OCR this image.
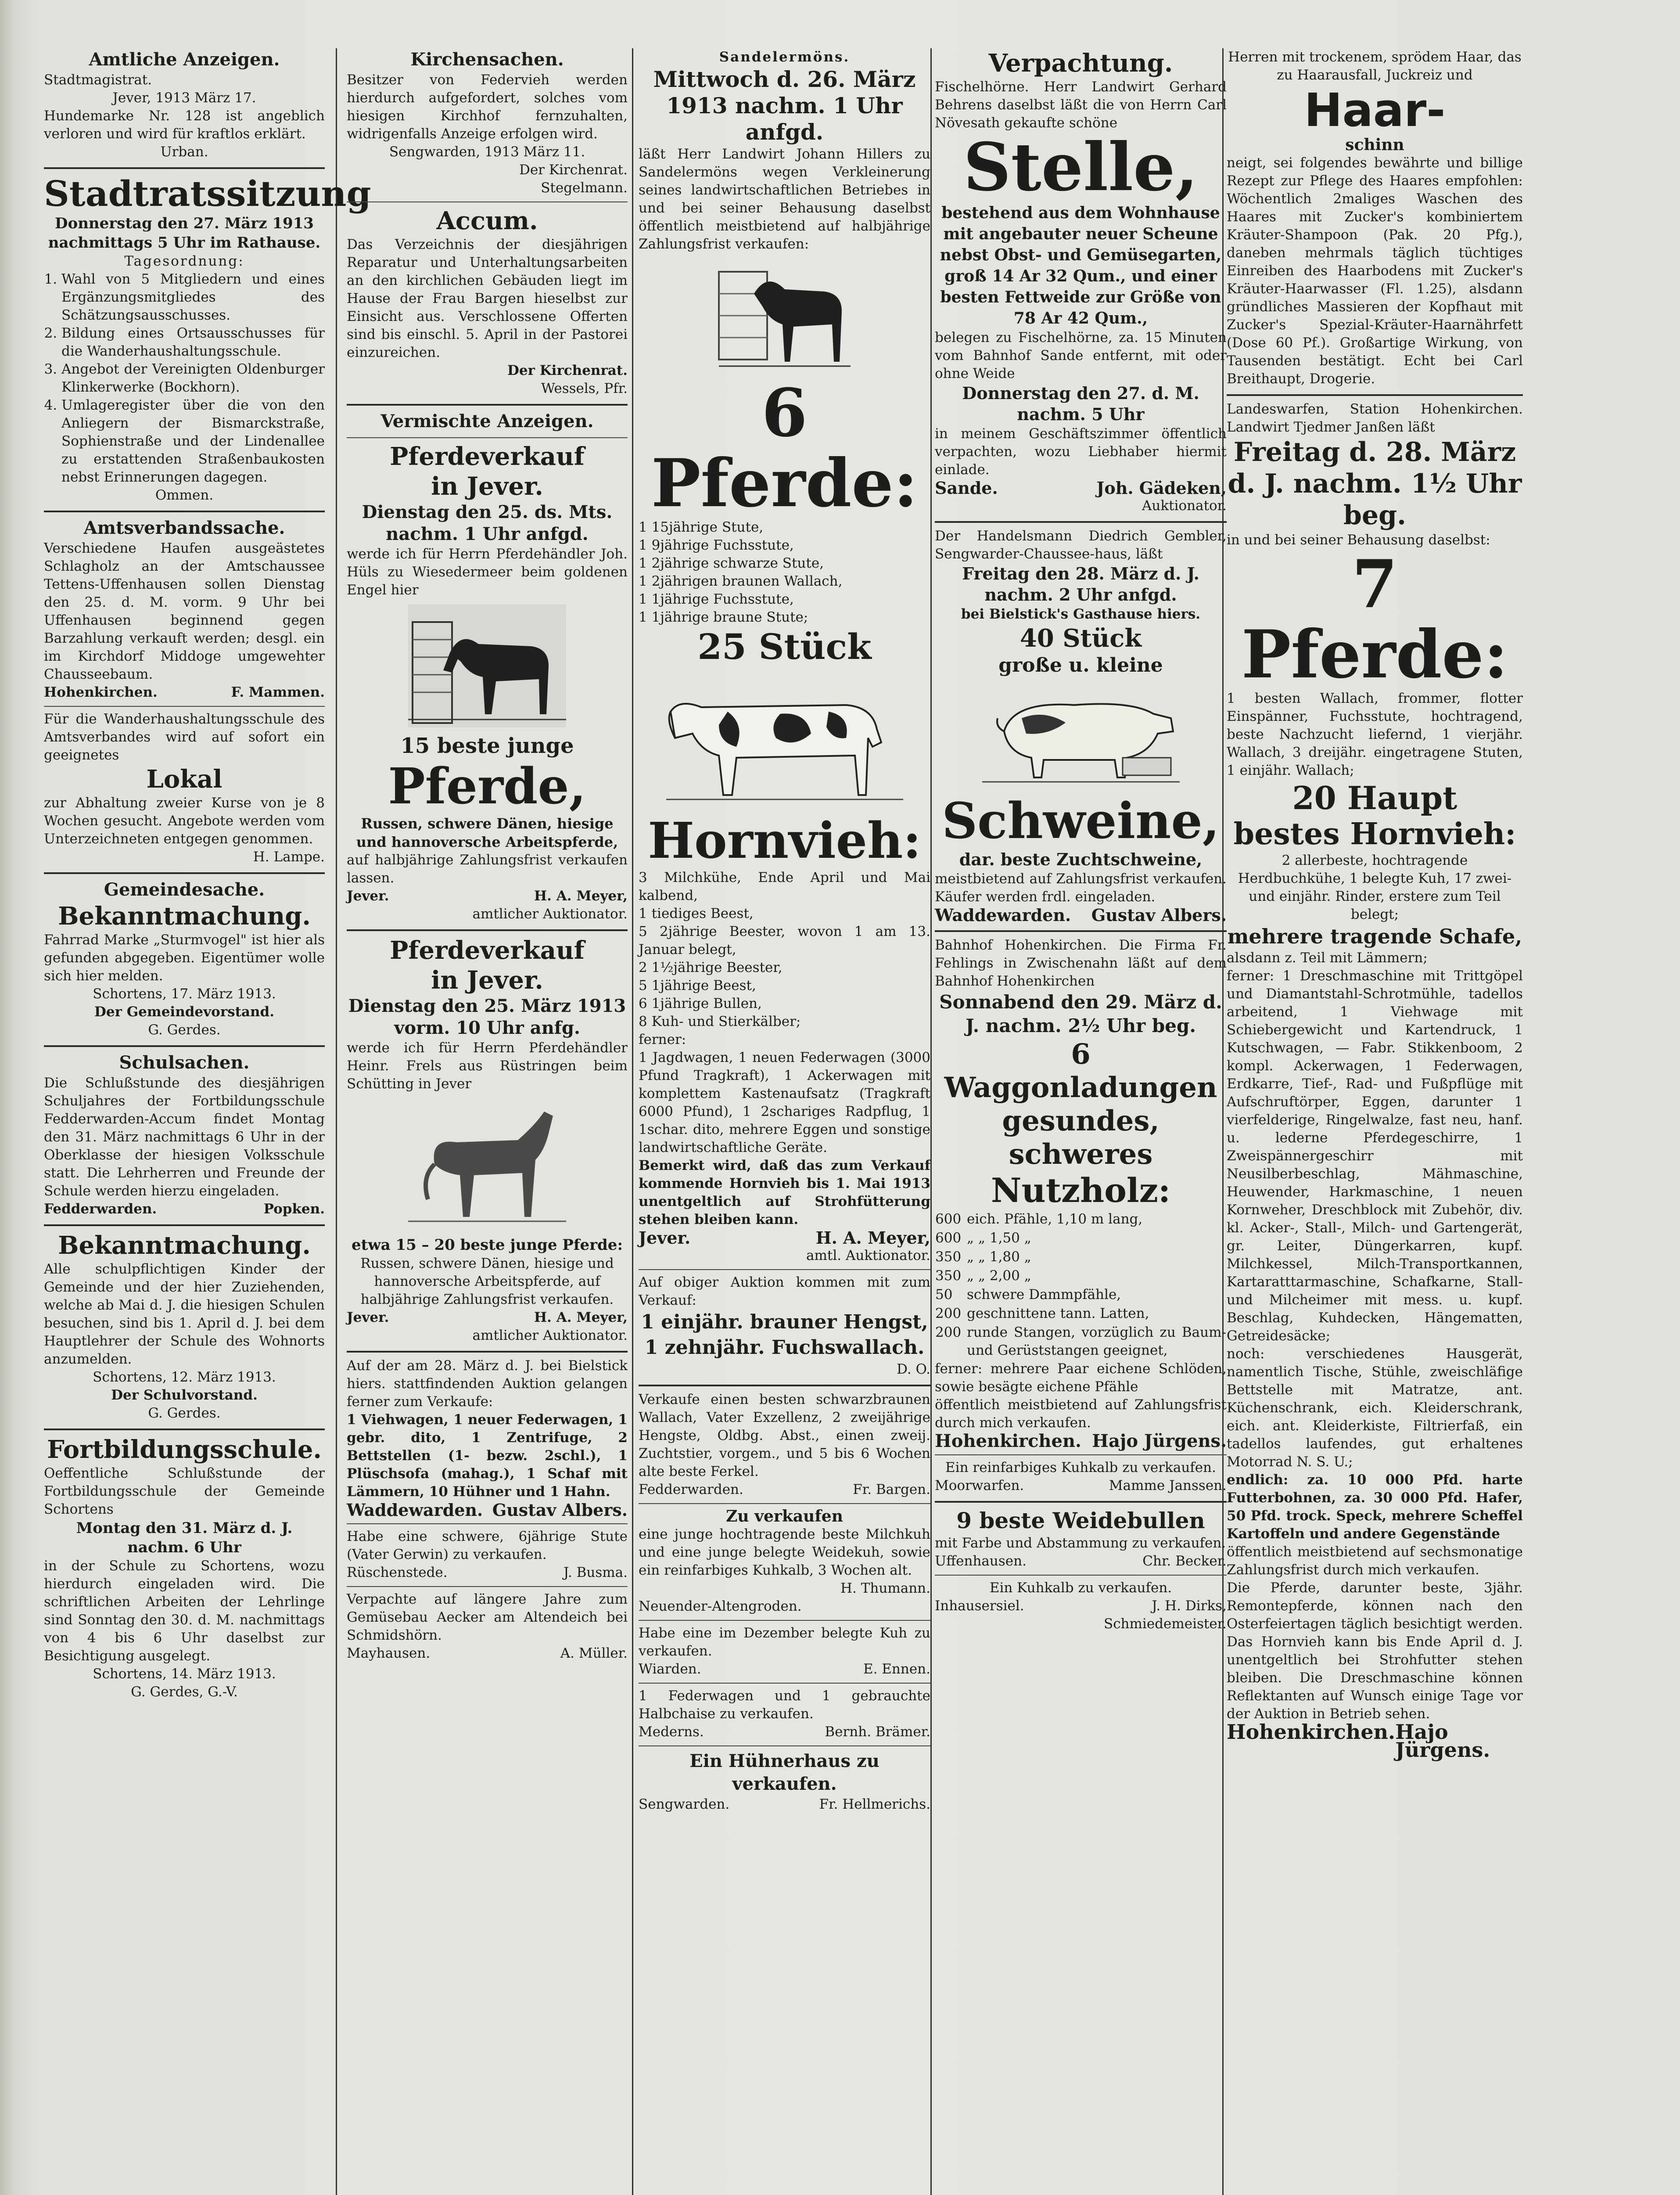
Amtliche Anzeigen.

Stadtmagistrat.

Jever, 1913 März 17.

Hundemarke Nr. 128 ist angeblich verloren und wird für kraftlos erklärt.

Urban.

Stadtratssitzung

Donnerstag den 27. März 1913 nachmittags 5 Uhr im Rathause.

Tagesordnung:

1. Wahl von 5 Mitgliedern und eines Ergänzungsmitgliedes des Schätzungsausschusses.
2. Bildung eines Ortsausschusses für die Wanderhaushaltungsschule.
3. Angebot der Vereinigten Oldenburger Klinkerwerke (Bockhorn).
4. Umlageregister über die von den Anliegern der Bismarckstraße, Sophienstraße und der Lindenallee zu erstattenden Straßenbaukosten nebst Erinnerungen dagegen.

Ommen.

Amtsverbandssache.

Verschiedene Haufen ausgeästetes Schlagholz an der Amtschaussee Tettens-Uffenhausen sollen Dienstag den 25. d. M. vorm. 9 Uhr bei Uffenhausen beginnend gegen Barzahlung verkauft werden; desgl. ein im Kirchdorf Middoge umgewehter Chausseebaum.

Hohenkirchen.	F. Mammen.

Für die Wanderhaushaltungsschule des Amtsverbandes wird auf sofort ein geeignetes

Lokal

zur Abhaltung zweier Kurse von je 8 Wochen gesucht. Angebote werden vom Unterzeichneten entgegen genommen.

H. Lampe.

Gemeindesache.

Bekanntmachung.

Fahrrad Marke „Sturmvogel" ist hier als gefunden abgegeben. Eigentümer wolle sich hier melden.

Schortens, 17. März 1913.

Der Gemeindevorstand.

G. Gerdes.

Schulsachen.

Die Schlußstunde des diesjährigen Schuljahres der Fortbildungsschule Fedderwarden-Accum findet Montag den 31. März nachmittags 6 Uhr in der Oberklasse der hiesigen Volksschule statt. Die Lehrherren und Freunde der Schule werden hierzu eingeladen.

Fedderwarden.	Popken.

Bekanntmachung.

Alle schulpflichtigen Kinder der Gemeinde und der hier Zuziehenden, welche ab Mai d. J. die hiesigen Schulen besuchen, sind bis 1. April d. J. bei dem Hauptlehrer der Schule des Wohnorts anzumelden.

Schortens, 12. März 1913.

Der Schulvorstand.

G. Gerdes.

Fortbildungsschule.

Oeffentliche Schlußstunde der Fortbildungsschule der Gemeinde Schortens

Montag den 31. März d. J. nachm. 6 Uhr

in der Schule zu Schortens, wozu hierdurch eingeladen wird. Die schriftlichen Arbeiten der Lehrlinge sind Sonntag den 30. d. M. nachmittags von 4 bis 6 Uhr daselbst zur Besichtigung ausgelegt.

Schortens, 14. März 1913.

G. Gerdes, G.-V.

Kirchensachen.

Besitzer von Federvieh werden hierdurch aufgefordert, solches vom hiesigen Kirchhof fernzuhalten, widrigenfalls Anzeige erfolgen wird.

Sengwarden, 1913 März 11.

Der Kirchenrat.

Stegelmann.

Accum.

Das Verzeichnis der diesjährigen Reparatur und Unterhaltungsarbeiten an den kirchlichen Gebäuden liegt im Hause der Frau Bargen hieselbst zur Einsicht aus. Verschlossene Offerten sind bis einschl. 5. April in der Pastorei einzureichen.

Der Kirchenrat.

Wessels, Pfr.

Vermischte Anzeigen.

Pferdeverkauf

in Jever.

Dienstag den 25. ds. Mts. nachm. 1 Uhr anfgd.

werde ich für Herrn Pferdehändler Joh. Hüls zu Wiesedermeer beim goldenen Engel hier

15 beste junge

Pferde,

Russen, schwere Dänen, hiesige und hannoversche Arbeitspferde,

auf halbjährige Zahlungsfrist verkaufen lassen.

Jever.	H. A. Meyer,

amtlicher Auktionator.

Pferdeverkauf

in Jever.

Dienstag den 25. März 1913 vorm. 10 Uhr anfg.

werde ich für Herrn Pferdehändler Heinr. Frels aus Rüstringen beim Schütting in Jever

etwa 15 – 20 beste junge Pferde:

Russen, schwere Dänen, hiesige und hannoversche Arbeitspferde, auf halbjährige Zahlungsfrist verkaufen.

Jever.	H. A. Meyer,

amtlicher Auktionator.

Auf der am 28. März d. J. bei Bielstick hiers. stattfindenden Auktion gelangen ferner zum Verkaufe:

1 Viehwagen, 1 neuer Federwagen, 1 gebr. dito, 1 Zentrifuge, 2 Bettstellen (1- bezw. 2schl.), 1 Plüschsofa (mahag.), 1 Schaf mit Lämmern, 10 Hühner und 1 Hahn.

Waddewarden. Gustav Albers.

Habe eine schwere, 6jährige Stute (Vater Gerwin) zu verkaufen.

Rüschenstede.	J. Busma.

Verpachte auf längere Jahre zum Gemüsebau Aecker am Altendeich bei Schmidshörn.

Mayhausen.	A. Müller.

Sandelermöns.

Mittwoch d. 26. März 1913 nachm. 1 Uhr anfgd.

läßt Herr Landwirt Johann Hillers zu Sandelermöns wegen Verkleinerung seines landwirtschaftlichen Betriebes in und bei seiner Behausung daselbst öffentlich meistbietend auf halbjährige Zahlungsfrist verkaufen:

6 Pferde:

1 15jährige Stute,

1 9jährige Fuchsstute,

1 2jährige schwarze Stute,

1 2jährigen braunen Wallach,

1 1jährige Fuchsstute,

1 1jährige braune Stute;

25 Stück

Hornvieh:

3 Milchkühe, Ende April und Mai kalbend,

1 tiediges Beest,

5 2jährige Beester, wovon 1 am 13. Januar belegt,

2 1½jährige Beester,

5 1jährige Beest,

6 1jährige Bullen,

8 Kuh- und Stierkälber;

ferner:

1 Jagdwagen, 1 neuen Federwagen (3000 Pfund Tragkraft), 1 Ackerwagen mit komplettem Kastenaufsatz (Tragkraft 6000 Pfund), 1 2schariges Radpflug, 1 1schar. dito, mehrere Eggen und sonstige landwirtschaftliche Geräte.

Bemerkt wird, daß das zum Verkauf kommende Hornvieh bis 1. Mai 1913 unentgeltlich auf Strohfütterung stehen bleiben kann.

Jever.	H. A. Meyer,

amtl. Auktionator.

Auf obiger Auktion kommen mit zum Verkauf:

1 einjähr. brauner Hengst,

1 zehnjähr. Fuchswallach.

D. O.

Verkaufe einen besten schwarzbraunen Wallach, Vater Exzellenz, 2 zweijährige Hengste, Oldbg. Abst., einen zweij. Zuchtstier, vorgem., und 5 bis 6 Wochen alte beste Ferkel.

Fedderwarden.	Fr. Bargen.

Zu verkaufen

eine junge hochtragende beste Milchkuh und eine junge belegte Weidekuh, sowie ein reinfarbiges Kuhkalb, 3 Wochen alt.

H. Thumann.

Neuender-Altengroden.

Habe eine im Dezember belegte Kuh zu verkaufen.

Wiarden.	E. Ennen.

1 Federwagen und 1 gebrauchte Halbchaise zu verkaufen.

Mederns.	Bernh. Brämer.

Ein Hühnerhaus zu verkaufen.

Sengwarden.	Fr. Hellmerichs.

Verpachtung.

Fischelhörne. Herr Landwirt Gerhard Behrens daselbst läßt die von Herrn Carl Növesath gekaufte schöne

Stelle,

bestehend aus dem Wohnhause mit angebauter neuer Scheune nebst Obst- und Gemüsegarten, groß 14 Ar 32 Qum., und einer besten Fettweide zur Größe von 78 Ar 42 Qum.,

belegen zu Fischelhörne, za. 15 Minuten vom Bahnhof Sande entfernt, mit oder ohne Weide

Donnerstag den 27. d. M. nachm. 5 Uhr

in meinem Geschäftszimmer öffentlich verpachten, wozu Liebhaber hiermit einlade.

Sande.	Joh. Gädeken,

Auktionator.

Der Handelsmann Diedrich Gembler, Sengwarder-Chaussee-haus, läßt

Freitag den 28. März d. J. nachm. 2 Uhr anfgd.

bei Bielstick's Gasthause hiers.

40 Stück

große u. kleine

Schweine,

dar. beste Zuchtschweine,

meistbietend auf Zahlungsfrist verkaufen. Käufer werden frdl. eingeladen.

Waddewarden. Gustav Albers.

Bahnhof Hohenkirchen. Die Firma Fr. Fehlings in Zwischenahn läßt auf dem Bahnhof Hohenkirchen

Sonnabend den 29. März d. J. nachm. 2½ Uhr beg.

6 Waggonladungen

gesundes, schweres

Nutzholz:

600	eich. Pfähle, 1,10 m lang,
600	„ „ 1,50 „
350	„ „ 1,80 „
350	„ „ 2,00 „
50	schwere Dammpfähle,
200	geschnittene tann. Latten,
200	runde Stangen, vorzüglich zu Baum- und Gerüststangen geeignet,

ferner: mehrere Paar eichene Schlöden, sowie besägte eichene Pfähle

öffentlich meistbietend auf Zahlungsfrist durch mich verkaufen.

Hohenkirchen. Hajo Jürgens.

Ein reinfarbiges Kuhkalb zu verkaufen.

Moorwarfen.	Mamme Janssen.

9 beste Weidebullen

mit Farbe und Abstammung zu verkaufen.

Uffenhausen.	Chr. Becker.

Ein Kuhkalb zu verkaufen.

Inhausersiel.	J. H. Dirks,

Schmiedemeister.

Herren mit trockenem, sprödem Haar, das zu Haarausfall, Juckreiz und

Haar-

schinn

neigt, sei folgendes bewährte und billige Rezept zur Pflege des Haares empfohlen: Wöchentlich 2maliges Waschen des Haares mit Zucker's kombiniertem Kräuter-Shampoon (Pak. 20 Pfg.), daneben mehrmals täglich tüchtiges Einreiben des Haarbodens mit Zucker's Kräuter-Haarwasser (Fl. 1.25), alsdann gründliches Massieren der Kopfhaut mit Zucker's Spezial-Kräuter-Haarnährfett (Dose 60 Pf.). Großartige Wirkung, von Tausenden bestätigt. Echt bei Carl Breithaupt, Drogerie.

Landeswarfen, Station Hohenkirchen. Landwirt Tjedmer Janßen läßt

Freitag d. 28. März d. J. nachm. 1½ Uhr beg.

in und bei seiner Behausung daselbst:

7 Pferde:

1 besten Wallach, frommer, flotter Einspänner, Fuchsstute, hochtragend, beste Nachzucht liefernd, 1 vierjähr. Wallach, 3 dreijähr. eingetragene Stuten, 1 einjähr. Wallach;

20 Haupt

bestes Hornvieh:

2 allerbeste, hochtragende Herdbuchkühe, 1 belegte Kuh, 17 zwei- und einjähr. Rinder, erstere zum Teil belegt;

mehrere tragende Schafe,

alsdann z. Teil mit Lämmern;

ferner: 1 Dreschmaschine mit Trittgöpel und Diamantstahl-Schrotmühle, tadellos arbeitend, 1 Viehwage mit Schiebergewicht und Kartendruck, 1 Kutschwagen, — Fabr. Stikkenboom, 2 kompl. Ackerwagen, 1 Federwagen, Erdkarre, Tief-, Rad- und Fußpflüge mit Aufschruftörper, Eggen, darunter 1 vierfelderige, Ringelwalze, fast neu, hanf. u. lederne Pferdegeschirre, 1 Zweispännergeschirr mit Neusilberbeschlag, Mähmaschine, Heuwender, Harkmaschine, 1 neuen Kornweher, Dreschblock mit Zubehör, div. kl. Acker-, Stall-, Milch- und Gartengerät, gr. Leiter, Düngerkarren, kupf. Milchkessel, Milch-Transportkannen, Kartaratttarmaschine, Schafkarne, Stall- und Milcheimer mit mess. u. kupf. Beschlag, Kuhdecken, Hängematten, Getreidesäcke;

noch: verschiedenes Hausgerät, namentlich Tische, Stühle, zweischläfige Bettstelle mit Matratze, ant. Küchenschrank, eich. Kleiderschrank, eich. ant. Kleiderkiste, Filtrierfaß, ein tadellos laufendes, gut erhaltenes Motorrad N. S. U.;

endlich: za. 10 000 Pfd. harte Futterbohnen, za. 30 000 Pfd. Hafer, 50 Pfd. trock. Speck, mehrere Scheffel Kartoffeln und andere Gegenstände

öffentlich meistbietend auf sechsmonatige Zahlungsfrist durch mich verkaufen.

Die Pferde, darunter beste, 3jähr. Remontepferde, können nach den Osterfeiertagen täglich besichtigt werden. Das Hornvieh kann bis Ende April d. J. unentgeltlich bei Strohfutter stehen bleiben. Die Dreschmaschine können Reflektanten auf Wunsch einige Tage vor der Auktion in Betrieb sehen.

Hohenkirchen. Hajo Jürgens.
